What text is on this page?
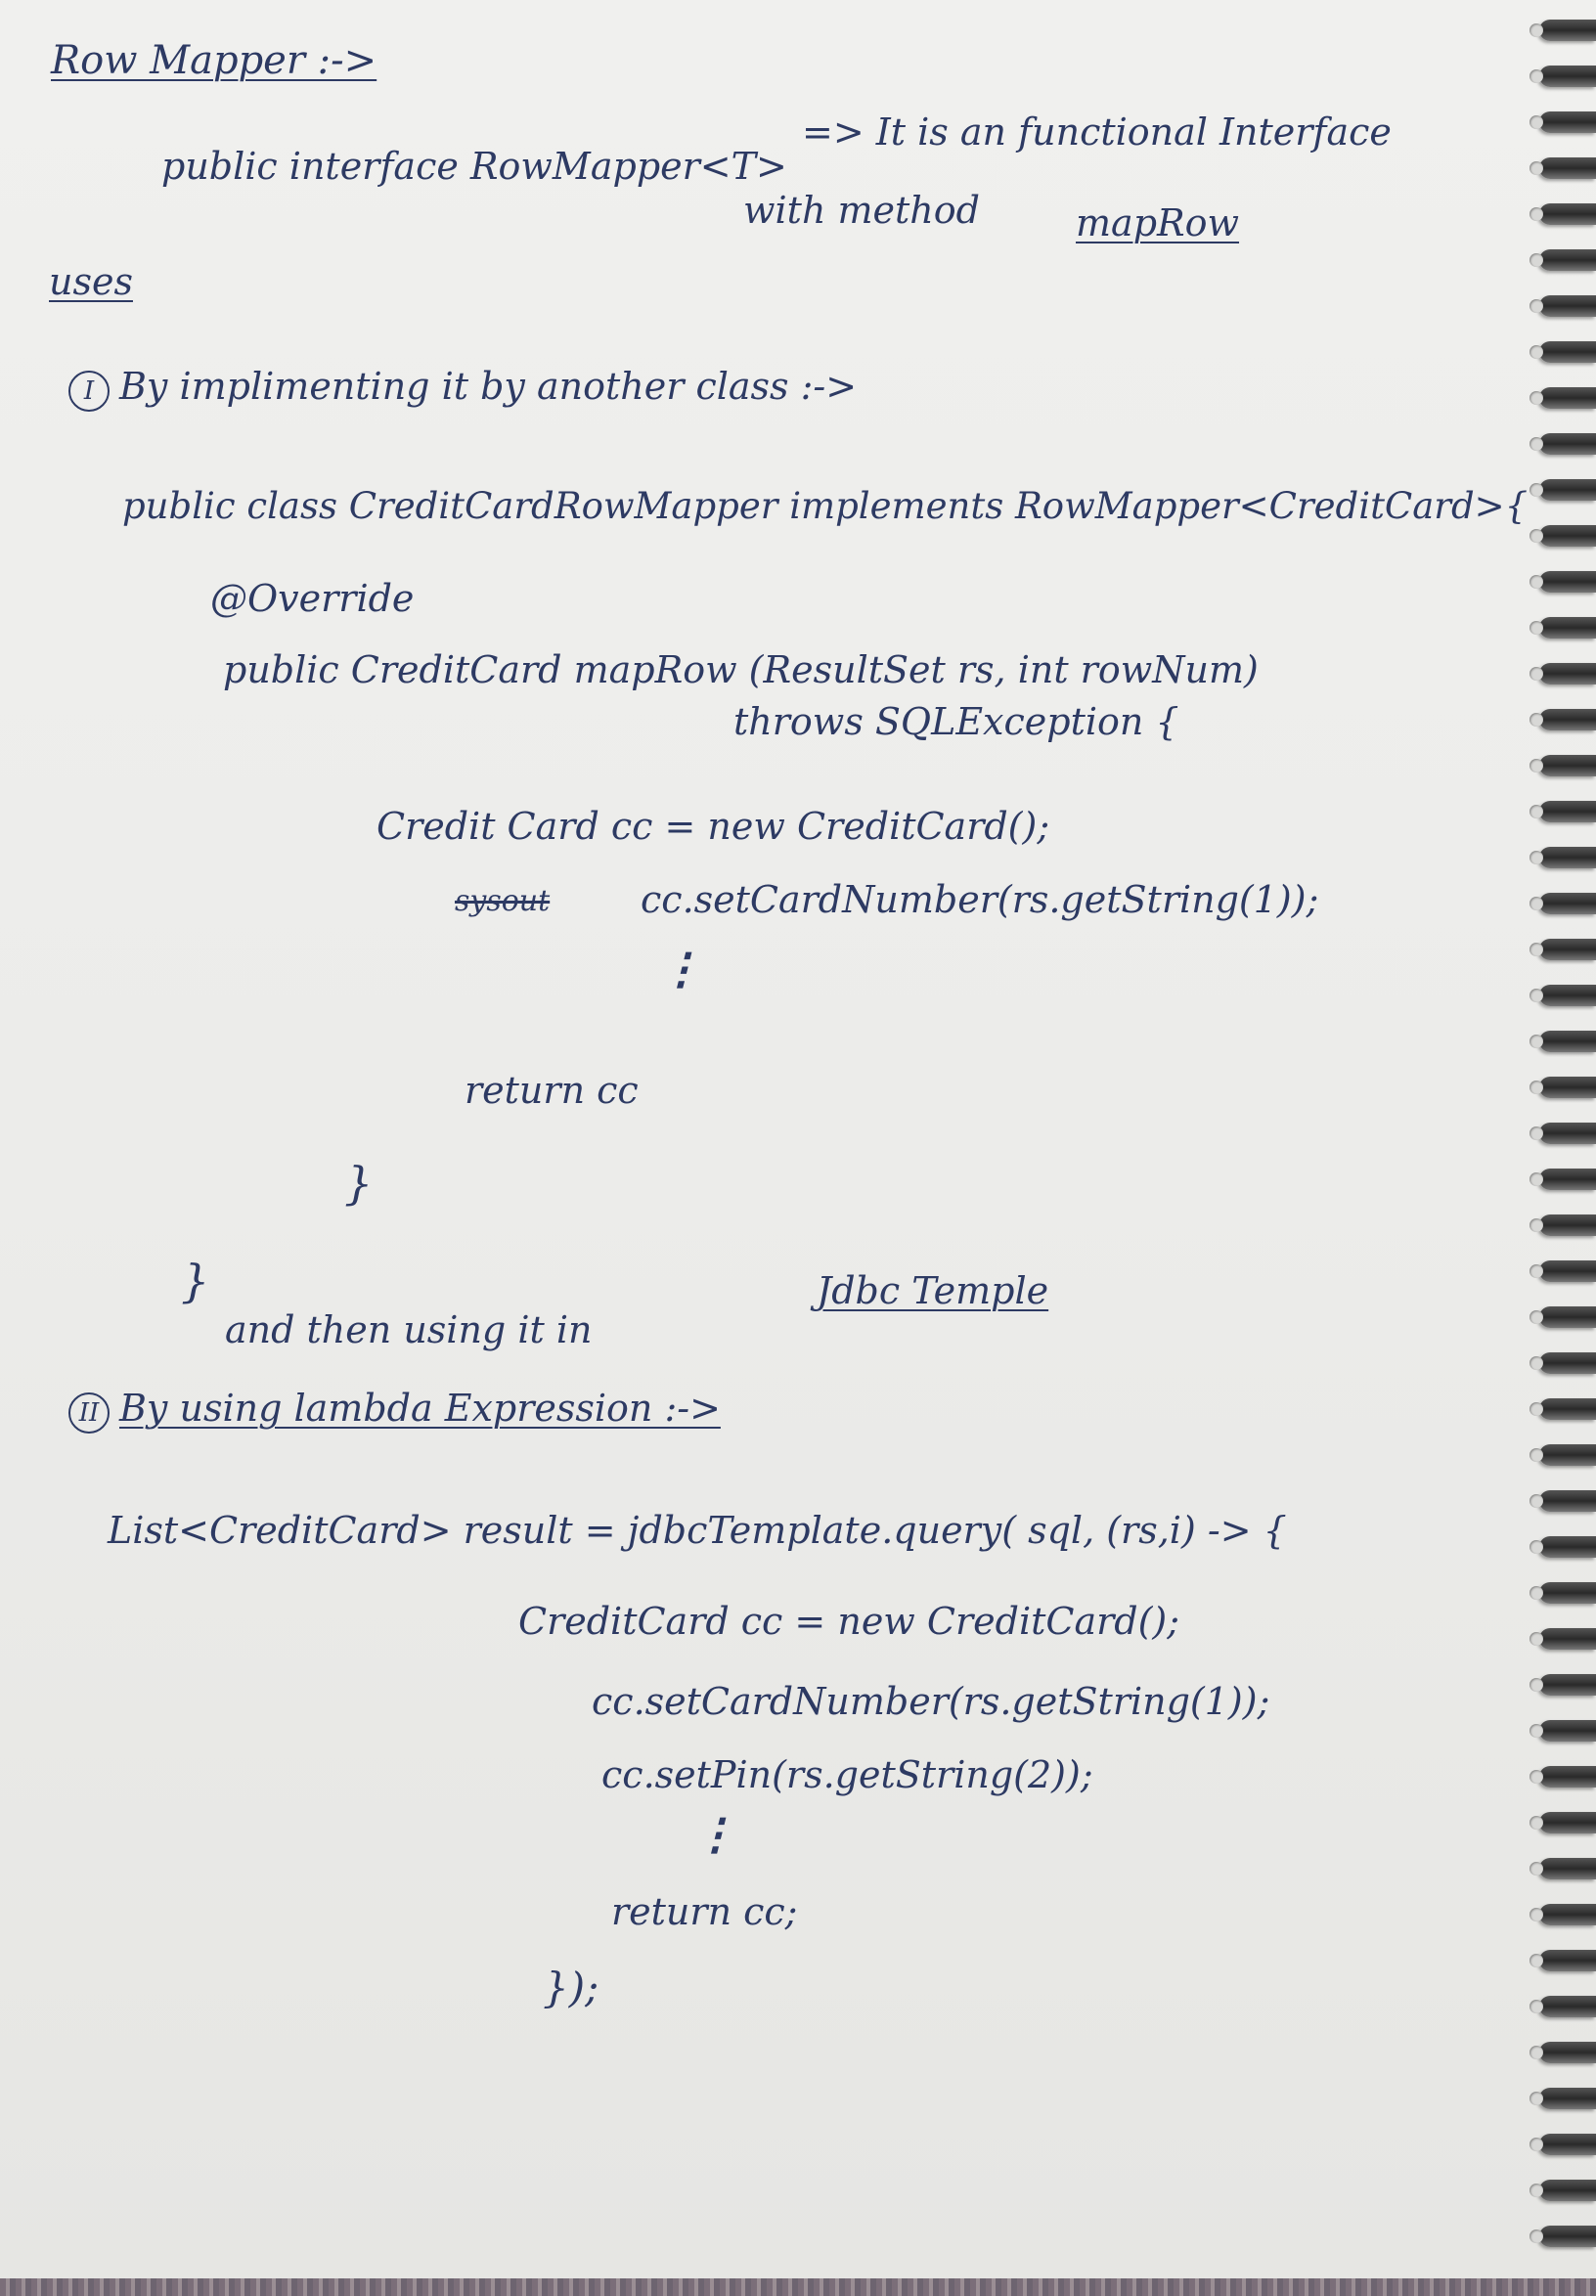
Row Mapper :->

public interface RowMapper<T>

=> It is an functional Interface

with method	mapRow

uses

I By implimenting it by another class :->

public class CreditCardRowMapper implements RowMapper<CreditCard>{

@Override

public CreditCard mapRow (ResultSet rs, int rowNum)

throws SQLException {

Credit Card cc = new CreditCard();

sysout cc.setCardNumber(rs.getString(1));

⁝

return cc

}

}

and then using it in

Jdbc Temple

II By using lambda Expression :->

List<CreditCard> result = jdbcTemplate.query( sql, (rs,i) -> {

CreditCard cc = new CreditCard();

cc.setCardNumber(rs.getString(1));

cc.setPin(rs.getString(2));

⁝

return cc;

});
